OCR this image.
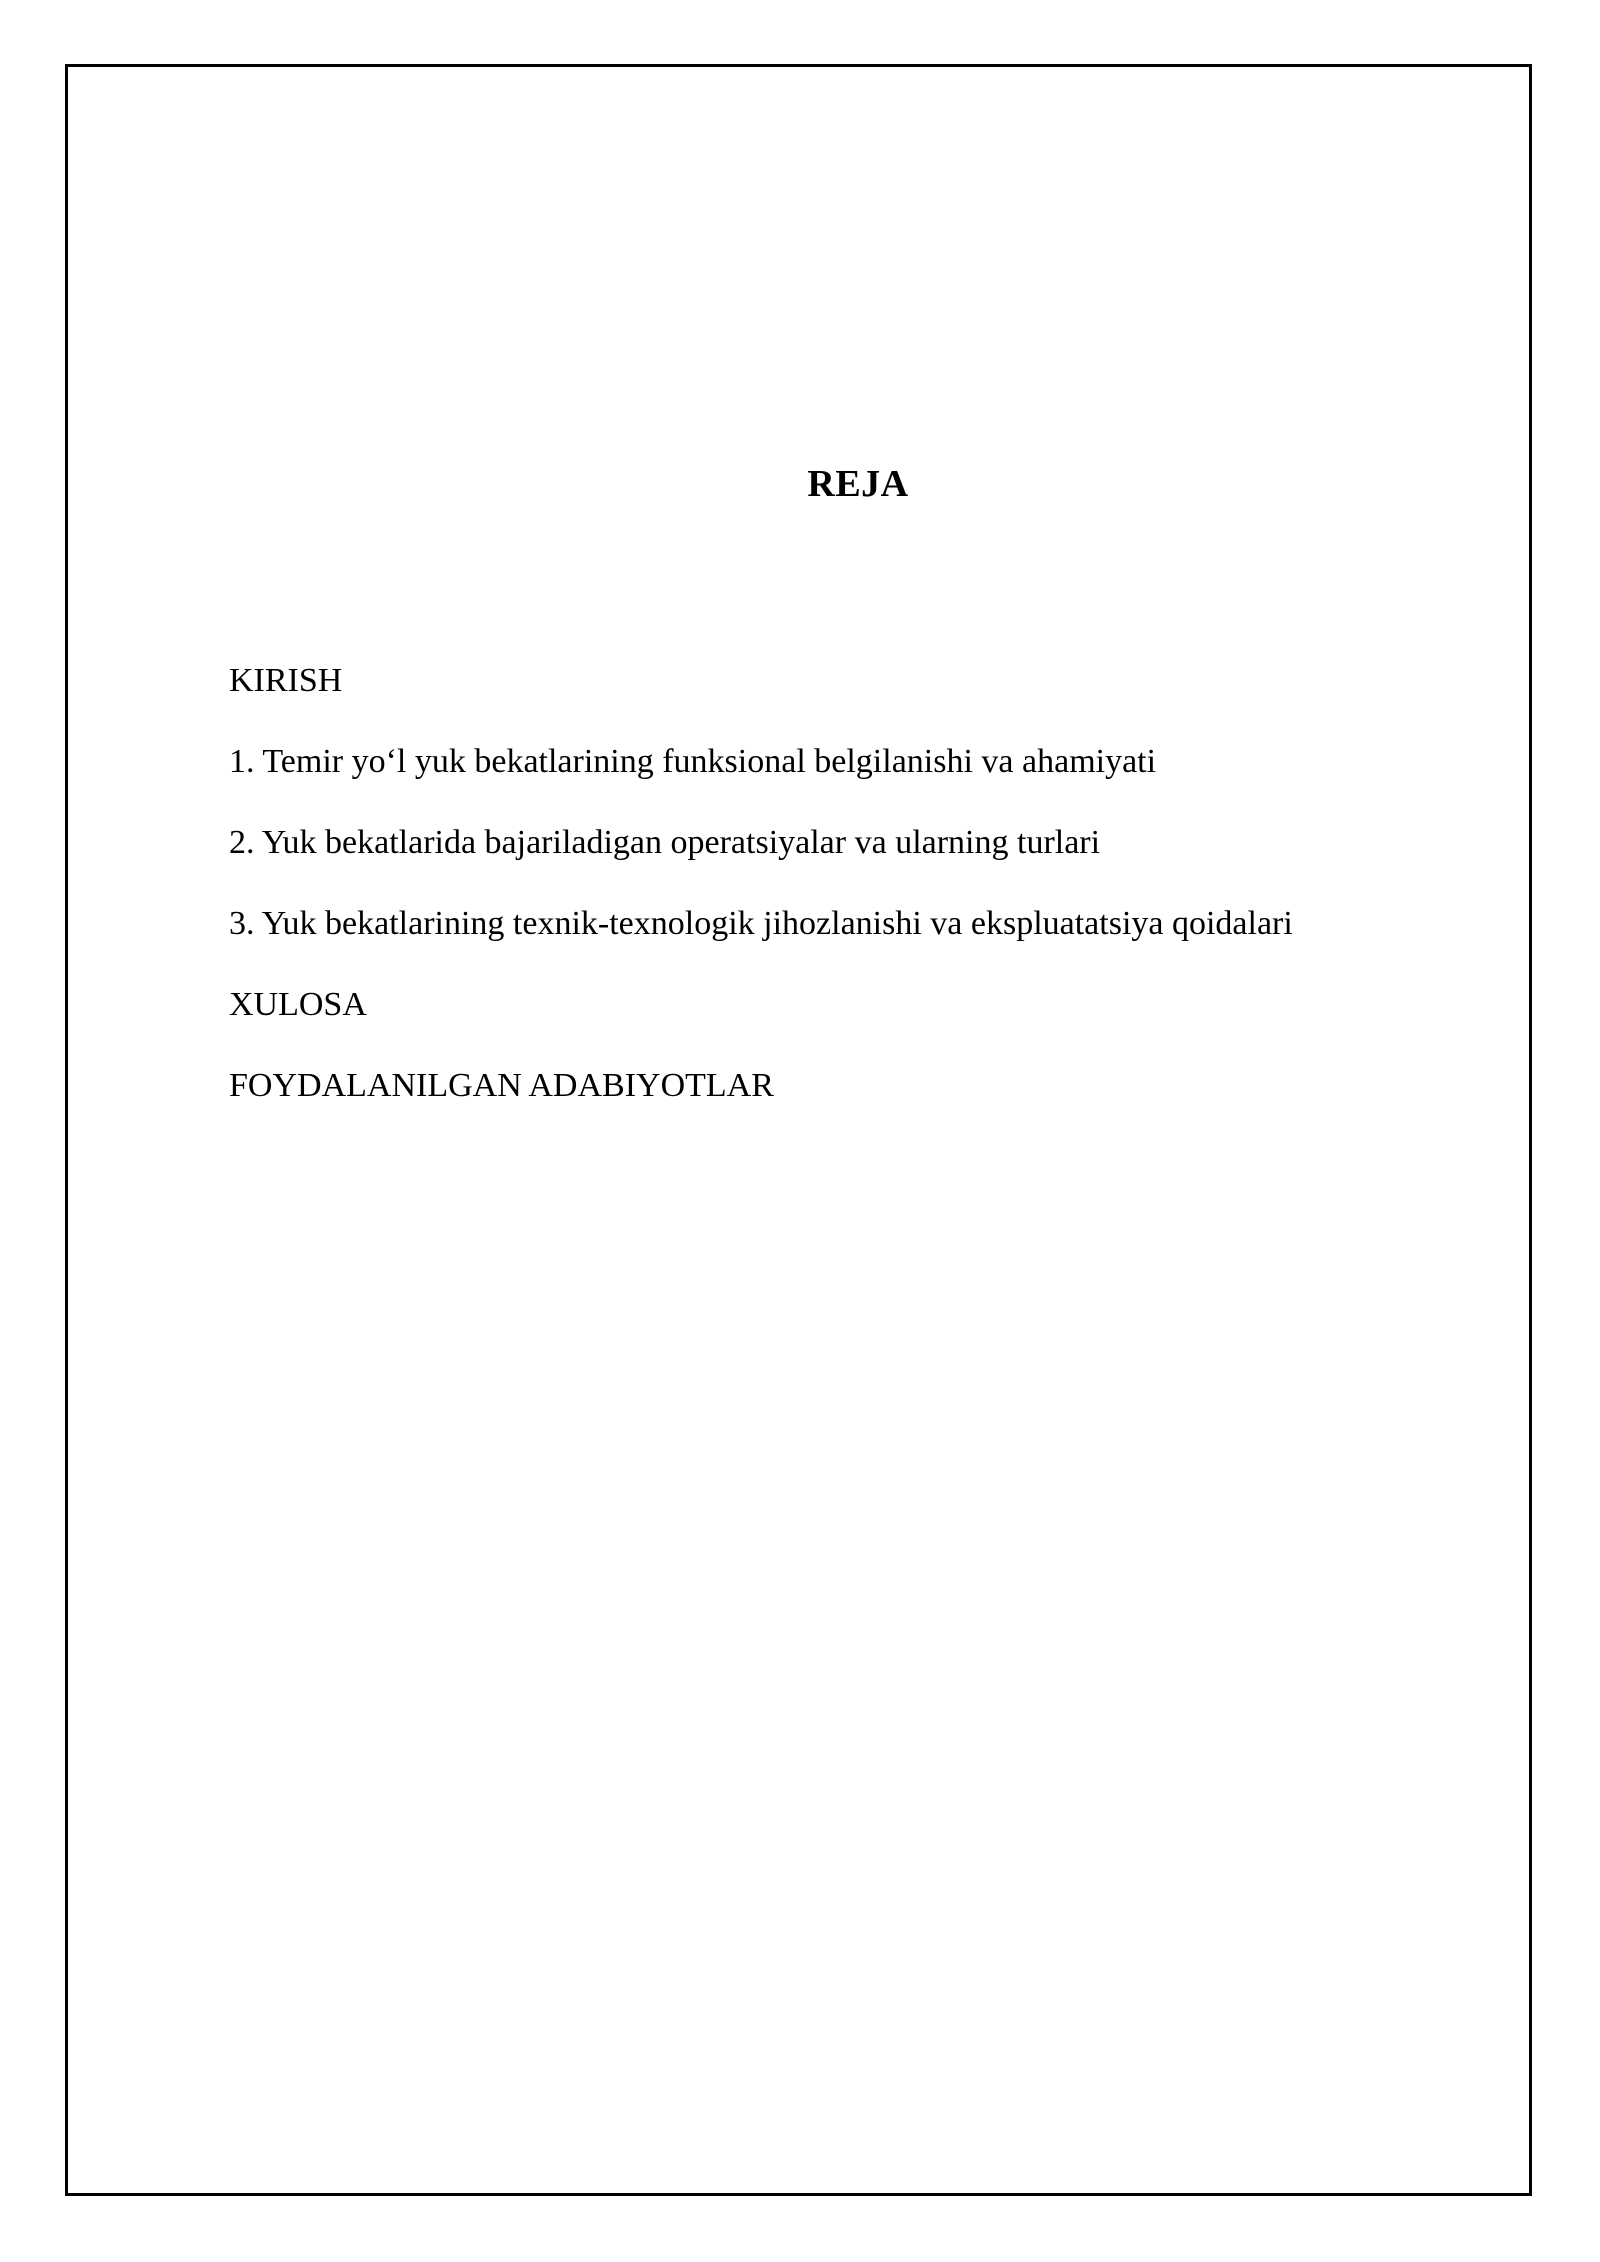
REJA
KIRISH
1. Temir yo‘l yuk bekatlarining funksional belgilanishi va ahamiyati
2. Yuk bekatlarida bajariladigan operatsiyalar va ularning turlari
3. Yuk bekatlarining texnik-texnologik jihozlanishi va ekspluatatsiya qoidalari
XULOSA
FOYDALANILGAN ADABIYOTLAR
